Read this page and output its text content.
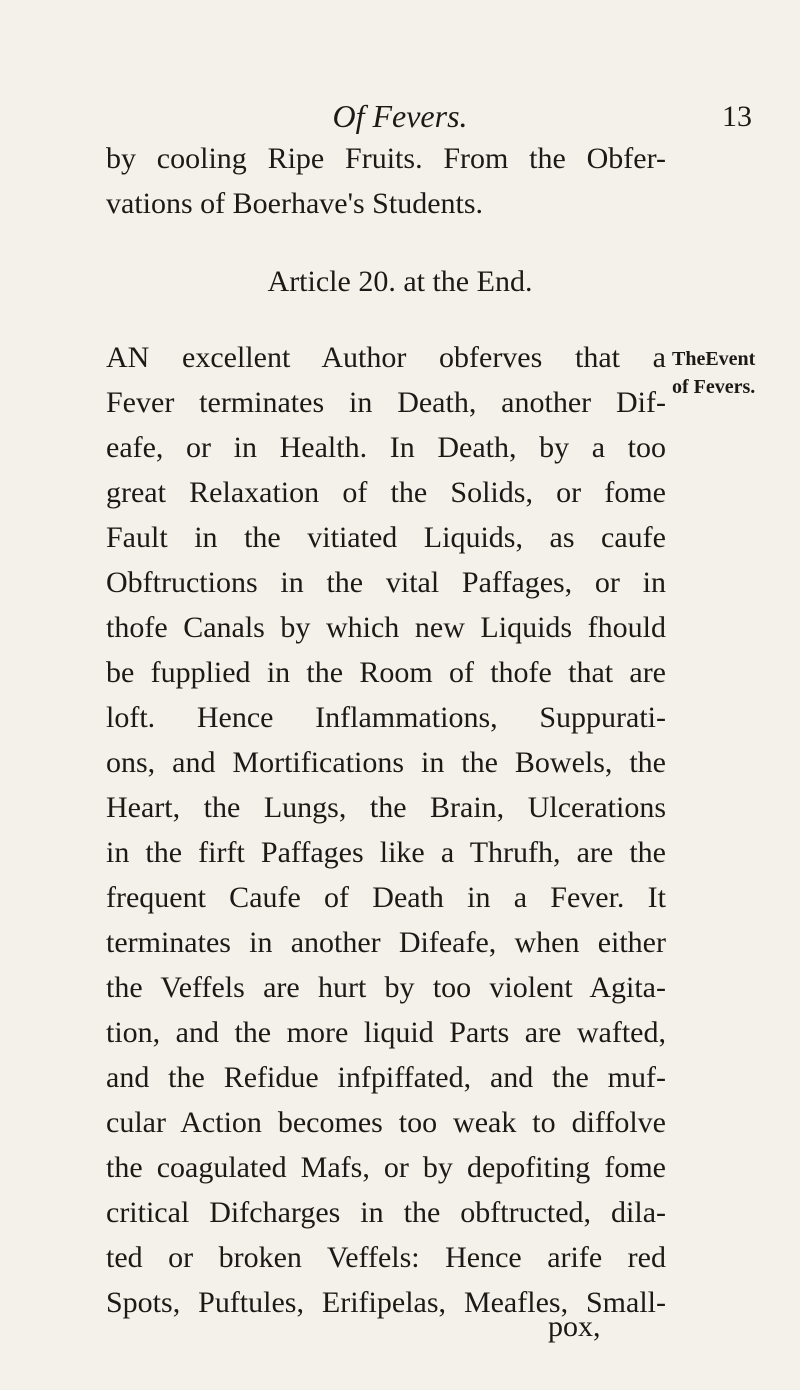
Of Fevers.	13
by cooling Ripe Fruits. From the Obfer-
vations of Boerhave's Students.
Article 20. at the End.
TheEvent
of Fevers.
AN excellent Author obferves that a
Fever terminates in Death, another Dif-
eafe, or in Health. In Death, by a too
great Relaxation of the Solids, or fome
Fault in the vitiated Liquids, as caufe
Obftructions in the vital Paffages, or in
thofe Canals by which new Liquids fhould
be fupplied in the Room of thofe that are
loft. Hence Inflammations, Suppurati-
ons, and Mortifications in the Bowels, the
Heart, the Lungs, the Brain, Ulcerations
in the firft Paffages like a Thrufh, are the
frequent Caufe of Death in a Fever. It
terminates in another Difeafe, when either
the Veffels are hurt by too violent Agita-
tion, and the more liquid Parts are wafted,
and the Refidue infpiffated, and the muf-
cular Action becomes too weak to diffolve
the coagulated Mafs, or by depofiting fome
critical Difcharges in the obftructed, dila-
ted or broken Veffels: Hence arife red
Spots, Puftules, Erifipelas, Meafles, Small-
pox,
